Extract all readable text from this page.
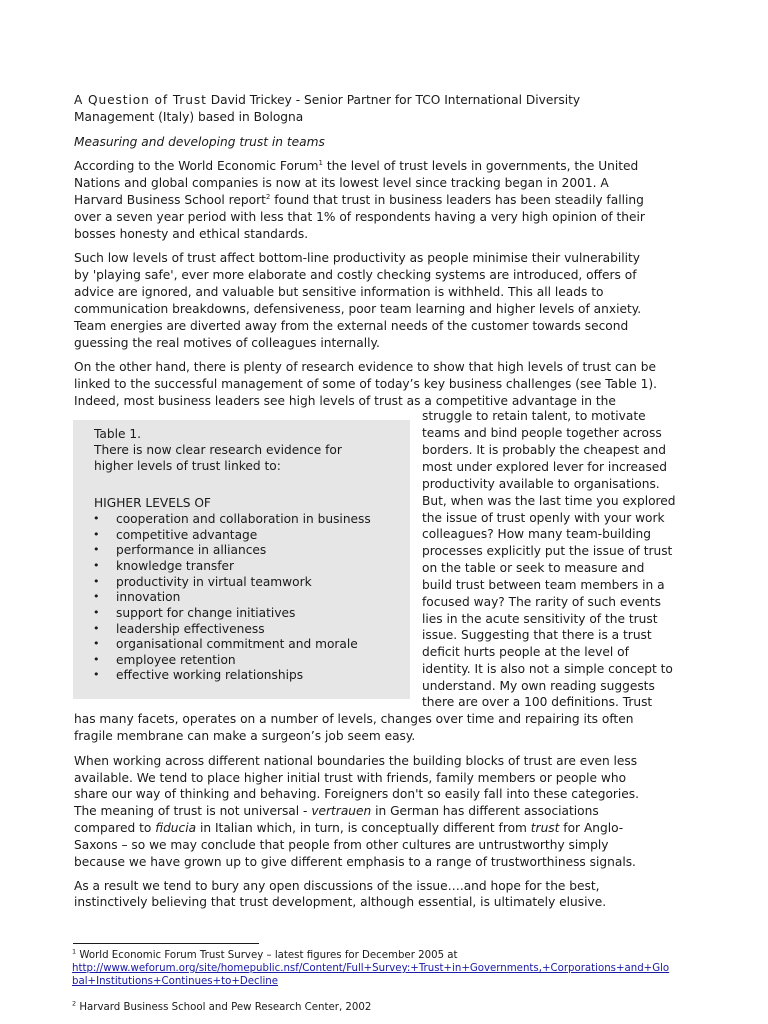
A Question of Trust David Trickey - Senior Partner for TCO International Diversity
Management (Italy) based in Bologna
Measuring and developing trust in teams
According to the World Economic Forum$^1$ the level of trust levels in governments, the United
Nations and global companies is now at its lowest level since tracking began in 2001. A
Harvard Business School report$^2$ found that trust in business leaders has been steadily falling
over a seven year period with less that 1% of respondents having a very high opinion of their
bosses honesty and ethical standards.
Such low levels of trust affect bottom-line productivity as people minimise their vulnerability
by 'playing safe', ever more elaborate and costly checking systems are introduced, offers of
advice are ignored, and valuable but sensitive information is withheld. This all leads to
communication breakdowns, defensiveness, poor team learning and higher levels of anxiety.
Team energies are diverted away from the external needs of the customer towards second
guessing the real motives of colleagues internally.
On the other hand, there is plenty of research evidence to show that high levels of trust can be
linked to the successful management of some of today’s key business challenges (see Table 1).
Indeed, most business leaders see high levels of trust as a competitive advantage in the
Table 1.
There is now clear research evidence for
higher levels of trust linked to:
HIGHER LEVELS OF
• cooperation and collaboration in business
• competitive advantage
• performance in alliances
• knowledge transfer
• productivity in virtual teamwork
• innovation
• support for change initiatives
• leadership effectiveness
• organisational commitment and morale
• employee retention
• effective working relationships
struggle to retain talent, to motivate
teams and bind people together across
borders. It is probably the cheapest and
most under explored lever for increased
productivity available to organisations.
But, when was the last time you explored
the issue of trust openly with your work
colleagues? How many team-building
processes explicitly put the issue of trust
on the table or seek to measure and
build trust between team members in a
focused way? The rarity of such events
lies in the acute sensitivity of the trust
issue. Suggesting that there is a trust
deficit hurts people at the level of
identity. It is also not a simple concept to
understand. My own reading suggests
there are over a 100 definitions. Trust
has many facets, operates on a number of levels, changes over time and repairing its often
fragile membrane can make a surgeon’s job seem easy.
When working across different national boundaries the building blocks of trust are even less
available. We tend to place higher initial trust with friends, family members or people who
share our way of thinking and behaving. Foreigners don't so easily fall into these categories.
The meaning of trust is not universal - vertrauen in German has different associations
compared to fiducia in Italian which, in turn, is conceptually different from trust for Anglo-
Saxons – so we may conclude that people from other cultures are untrustworthy simply
because we have grown up to give different emphasis to a range of trustworthiness signals.
As a result we tend to bury any open discussions of the issue….and hope for the best,
instinctively believing that trust development, although essential, is ultimately elusive.
$^1$ World Economic Forum Trust Survey – latest figures for December 2005 at
http://www.weforum.org/site/homepublic.nsf/Content/Full+Survey:+Trust+in+Governments,+Corporations+and+Glo
bal+Institutions+Continues+to+Decline
$^2$ Harvard Business School and Pew Research Center, 2002
